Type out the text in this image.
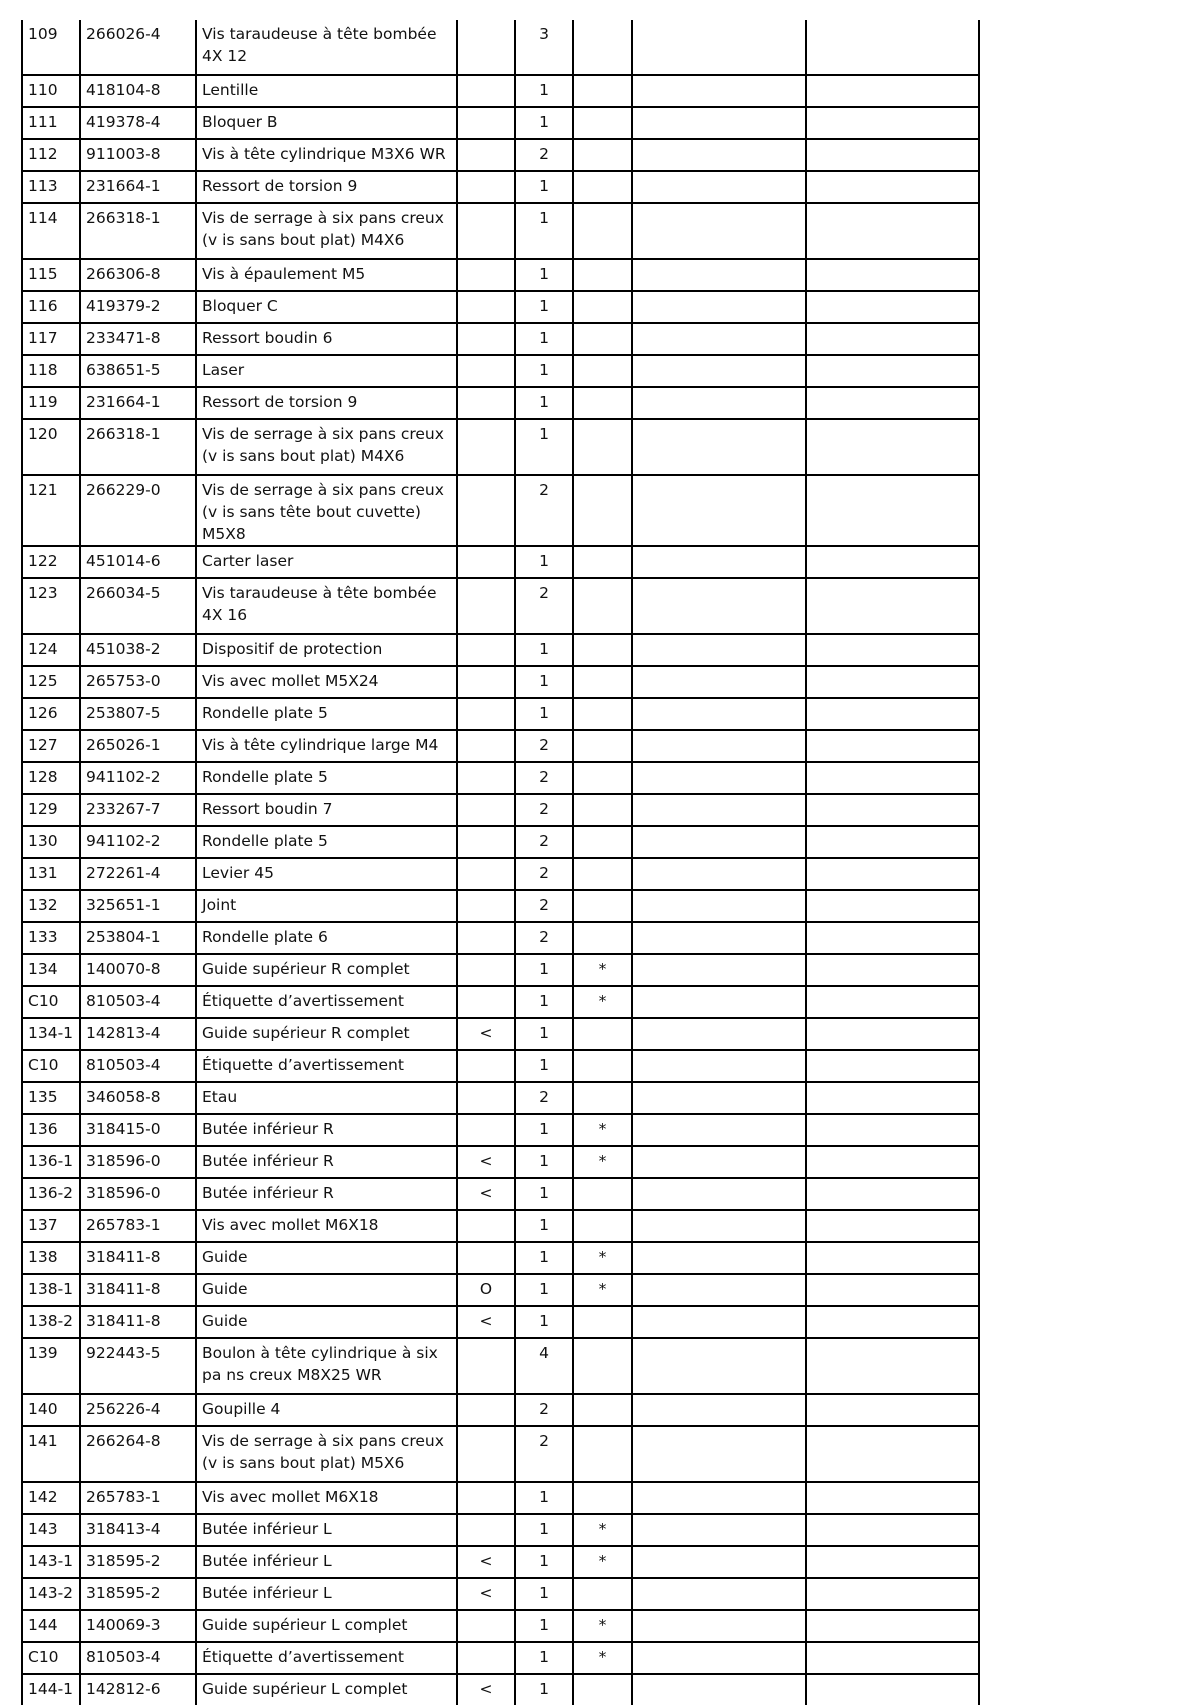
109	266026-4	Vis taraudeuse à tête bombée 4X 12		3			
110	418104-8	Lentille		1			
111	419378-4	Bloquer B		1			
112	911003-8	Vis à tête cylindrique M3X6 WR		2			
113	231664-1	Ressort de torsion 9		1			
114	266318-1	Vis de serrage à six pans creux (v is sans bout plat) M4X6		1			
115	266306-8	Vis à épaulement M5		1			
116	419379-2	Bloquer C		1			
117	233471-8	Ressort boudin 6		1			
118	638651-5	Laser		1			
119	231664-1	Ressort de torsion 9		1			
120	266318-1	Vis de serrage à six pans creux (v is sans bout plat) M4X6		1			
121	266229-0	Vis de serrage à six pans creux (v is sans tête bout cuvette) M5X8		2			
122	451014-6	Carter laser		1			
123	266034-5	Vis taraudeuse à tête bombée 4X 16		2			
124	451038-2	Dispositif de protection		1			
125	265753-0	Vis avec mollet M5X24		1			
126	253807-5	Rondelle plate 5		1			
127	265026-1	Vis à tête cylindrique large M4		2			
128	941102-2	Rondelle plate 5		2			
129	233267-7	Ressort boudin 7		2			
130	941102-2	Rondelle plate 5		2			
131	272261-4	Levier 45		2			
132	325651-1	Joint		2			
133	253804-1	Rondelle plate 6		2			
134	140070-8	Guide supérieur R complet		1	*		
C10	810503-4	Étiquette d’avertissement		1	*		
134-1	142813-4	Guide supérieur R complet	<	1			
C10	810503-4	Étiquette d’avertissement		1			
135	346058-8	Etau		2			
136	318415-0	Butée inférieur R		1	*		
136-1	318596-0	Butée inférieur R	<	1	*		
136-2	318596-0	Butée inférieur R	<	1			
137	265783-1	Vis avec mollet M6X18		1			
138	318411-8	Guide		1	*		
138-1	318411-8	Guide	O	1	*		
138-2	318411-8	Guide	<	1			
139	922443-5	Boulon à tête cylindrique à six pa ns creux M8X25 WR		4			
140	256226-4	Goupille 4		2			
141	266264-8	Vis de serrage à six pans creux (v is sans bout plat) M5X6		2			
142	265783-1	Vis avec mollet M6X18		1			
143	318413-4	Butée inférieur L		1	*		
143-1	318595-2	Butée inférieur L	<	1	*		
143-2	318595-2	Butée inférieur L	<	1			
144	140069-3	Guide supérieur L complet		1	*		
C10	810503-4	Étiquette d’avertissement		1	*		
144-1	142812-6	Guide supérieur L complet	<	1			
